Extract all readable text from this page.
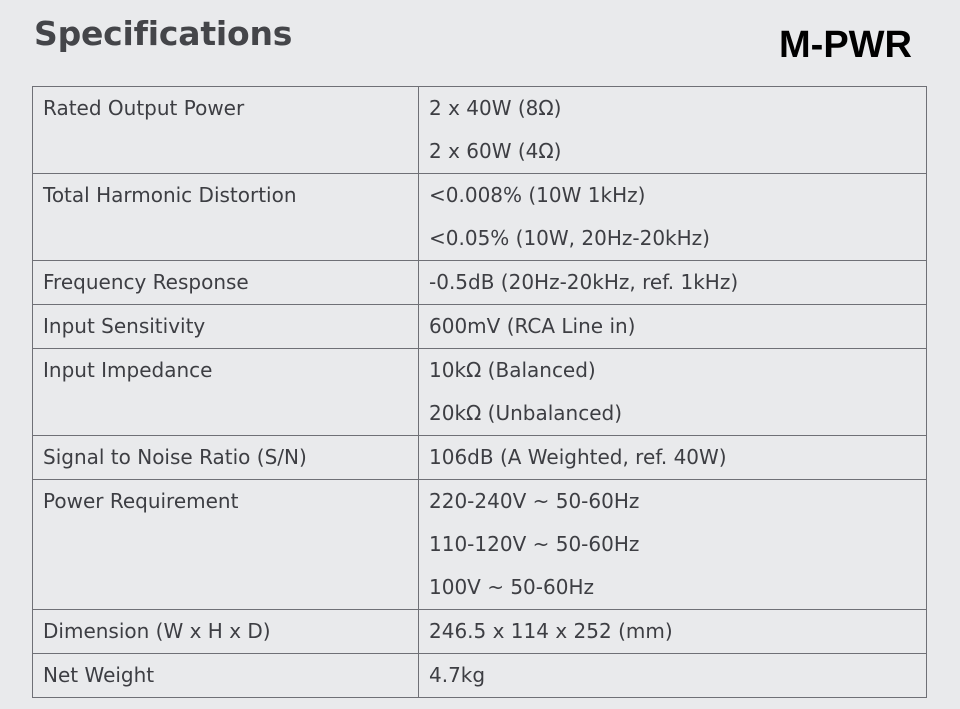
Specifications	M-PWR
Rated Output Power	2 x 40W (8Ω)
2 x 60W (4Ω)

Total Harmonic Distortion	<0.008% (10W 1kHz)
<0.05% (10W, 20Hz-20kHz)

Frequency Response	-0.5dB (20Hz-20kHz, ref. 1kHz)

Input Sensitivity	600mV (RCA Line in)

Input Impedance	10kΩ (Balanced)
20kΩ (Unbalanced)

Signal to Noise Ratio (S/N)	106dB (A Weighted, ref. 40W)

Power Requirement	220-240V ~ 50-60Hz
110-120V ~ 50-60Hz
100V ~ 50-60Hz

Dimension (W x H x D)	246.5 x 114 x 252 (mm)

Net Weight	4.7kg
